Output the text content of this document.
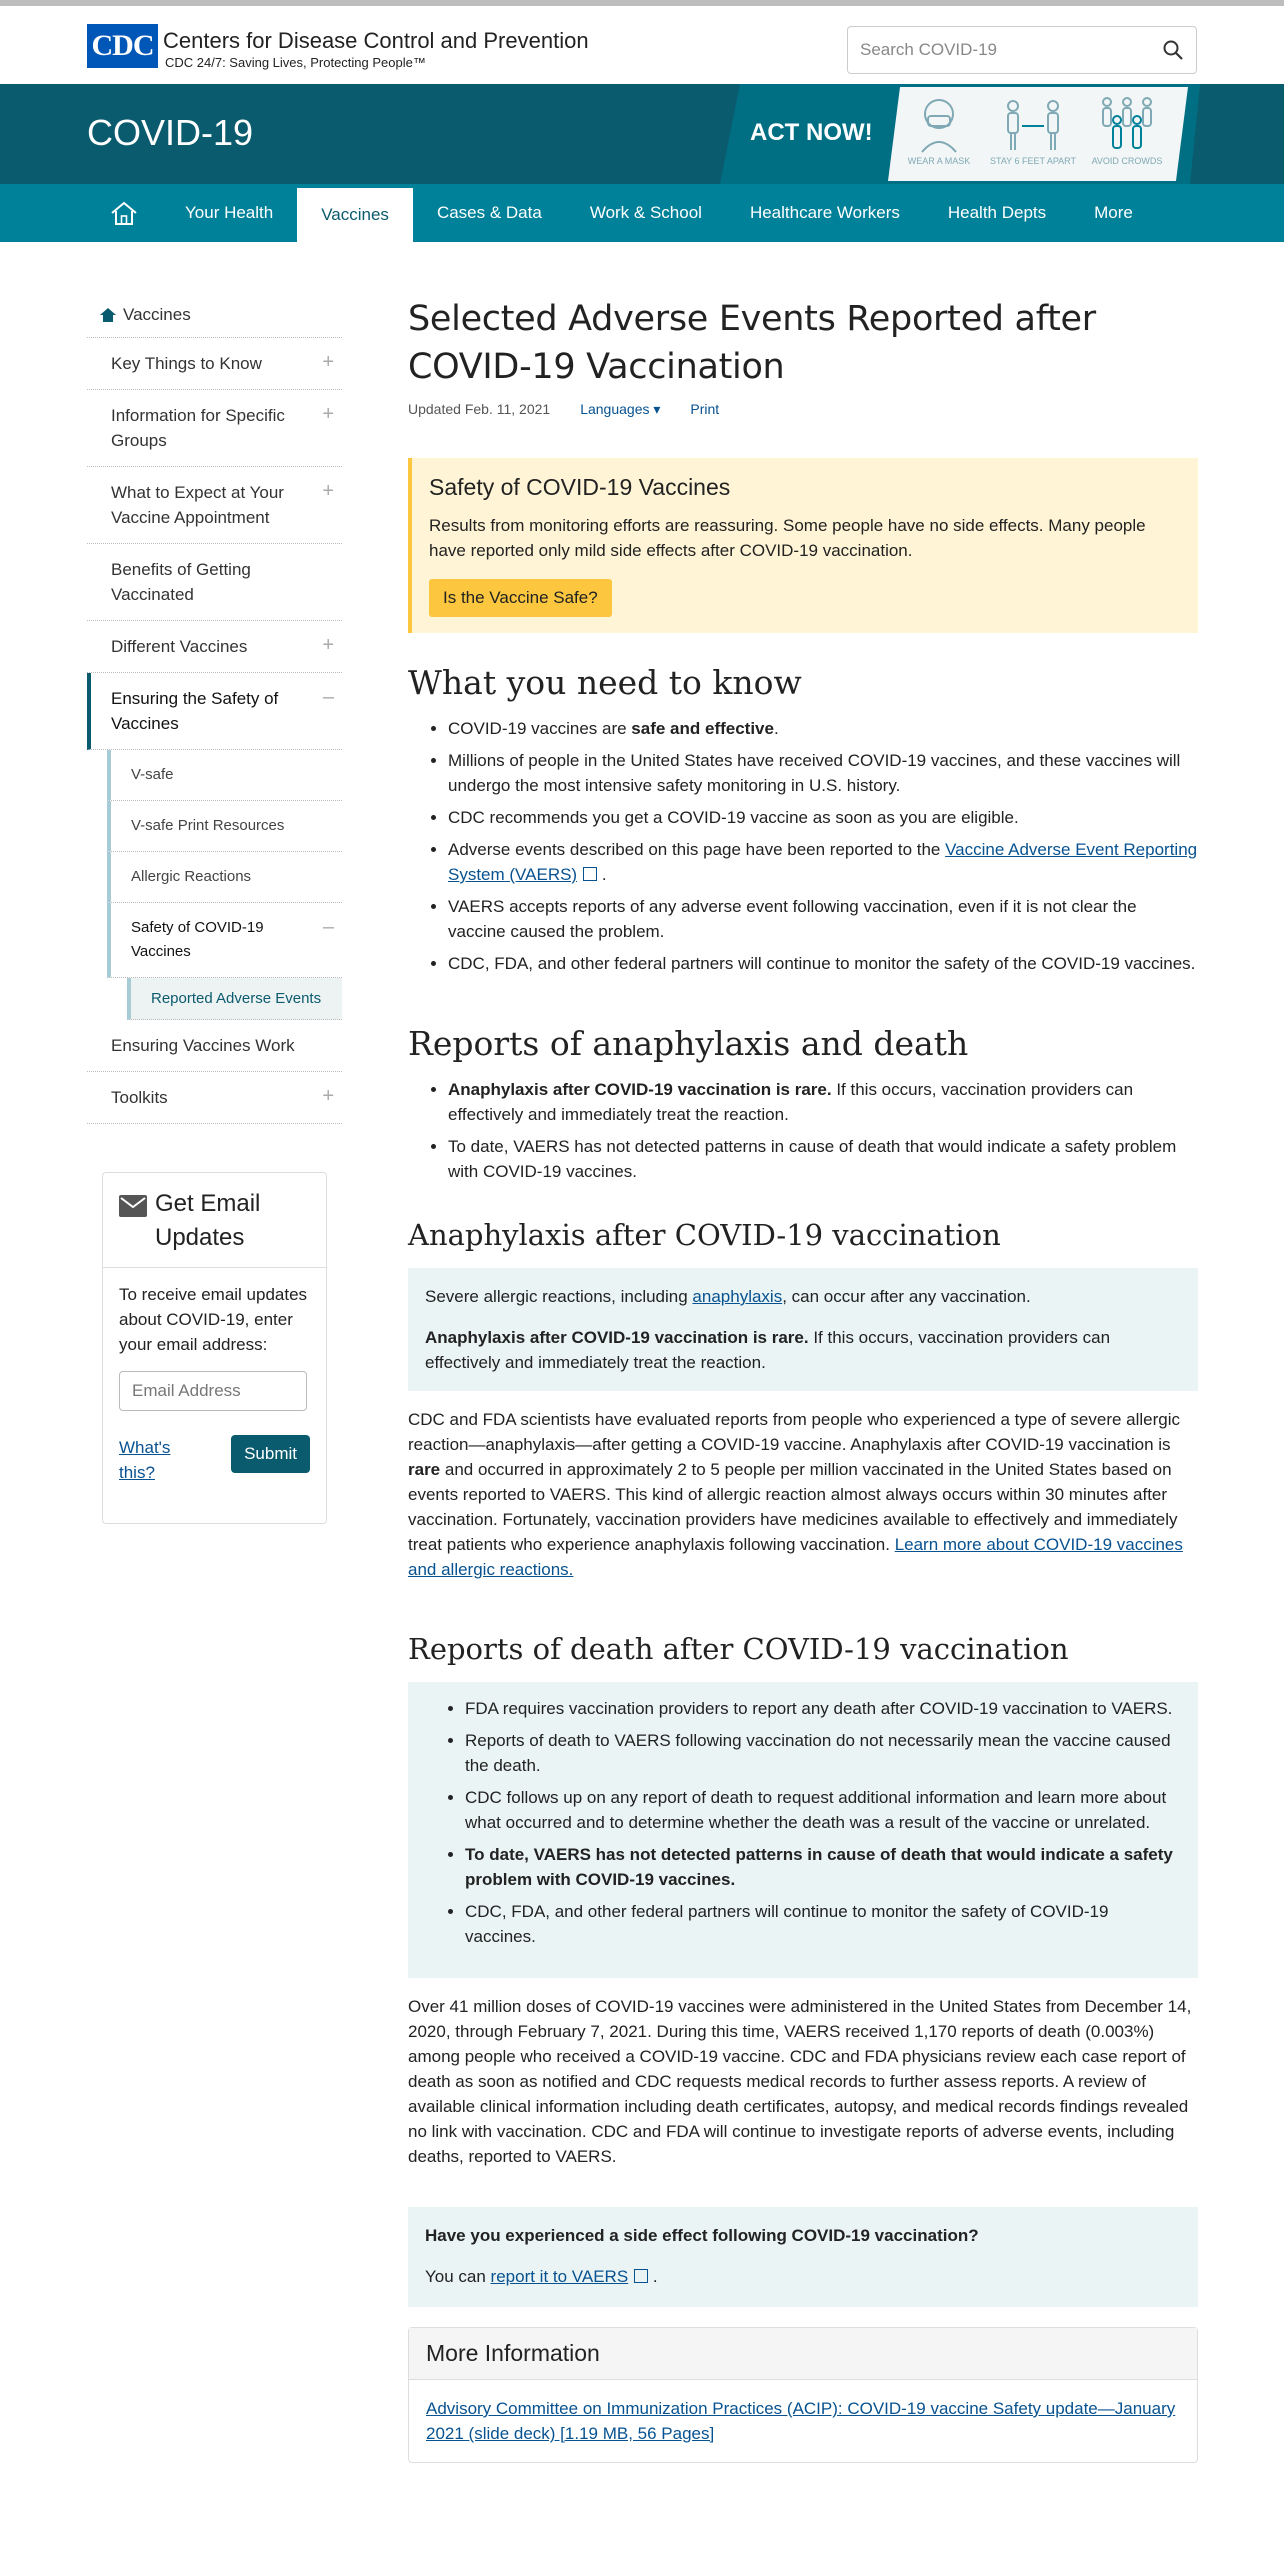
CDC Centers for Disease Control and Prevention
CDC 24/7: Saving Lives, Protecting People™
Search COVID-19
COVID-19	ACT NOW!
WEAR A MASK STAY 6 FEET APART AVOID CROWDS
Your Health	Vaccines	Cases & Data	Work & School	Healthcare Workers	Health Depts	More
Vaccines
Key Things to Know	+
Information for Specific Groups
+
What to Expect at Your Vaccine Appointment
+
Benefits of Getting Vaccinated
Different Vaccines	+
Ensuring the Safety of Vaccines
–
V-safe
V-safe Print Resources
Allergic Reactions
Safety of COVID-19 Vaccines
–
Reported Adverse Events
Ensuring Vaccines Work
Toolkits	+
Get Email Updates
To receive email updates about COVID-19, enter your email address:
Email Address
What's this?
Submit
Selected Adverse Events Reported after COVID-19 Vaccination
Updated Feb. 11, 2021 Languages ▾ Print
Safety of COVID-19 Vaccines

Results from monitoring efforts are reassuring. Some people have no side effects. Many people have reported only mild side effects after COVID-19 vaccination.

Is the Vaccine Safe?
What you need to know
• COVID-19 vaccines are safe and effective.
• Millions of people in the United States have received COVID-19 vaccines, and these vaccines will undergo the most intensive safety monitoring in U.S. history.
• CDC recommends you get a COVID-19 vaccine as soon as you are eligible.
• Adverse events described on this page have been reported to the Vaccine Adverse Event Reporting System (VAERS) .
• VAERS accepts reports of any adverse event following vaccination, even if it is not clear the vaccine caused the problem.
• CDC, FDA, and other federal partners will continue to monitor the safety of the COVID-19 vaccines.
Reports of anaphylaxis and death
• Anaphylaxis after COVID-19 vaccination is rare. If this occurs, vaccination providers can effectively and immediately treat the reaction.
• To date, VAERS has not detected patterns in cause of death that would indicate a safety problem with COVID-19 vaccines.
Anaphylaxis after COVID-19 vaccination

Severe allergic reactions, including anaphylaxis, can occur after any vaccination.

Anaphylaxis after COVID-19 vaccination is rare. If this occurs, vaccination providers can effectively and immediately treat the reaction.

CDC and FDA scientists have evaluated reports from people who experienced a type of severe allergic reaction—anaphylaxis—after getting a COVID-19 vaccine. Anaphylaxis after COVID-19 vaccination is rare and occurred in approximately 2 to 5 people per million vaccinated in the United States based on events reported to VAERS. This kind of allergic reaction almost always occurs within 30 minutes after vaccination. Fortunately, vaccination providers have medicines available to effectively and immediately treat patients who experience anaphylaxis following vaccination. Learn more about COVID-19 vaccines and allergic reactions.

Reports of death after COVID-19 vaccination
• FDA requires vaccination providers to report any death after COVID-19 vaccination to VAERS.
• Reports of death to VAERS following vaccination do not necessarily mean the vaccine caused the death.
• CDC follows up on any report of death to request additional information and learn more about what occurred and to determine whether the death was a result of the vaccine or unrelated.
• To date, VAERS has not detected patterns in cause of death that would indicate a safety problem with COVID-19 vaccines.
• CDC, FDA, and other federal partners will continue to monitor the safety of COVID-19 vaccines.

Over 41 million doses of COVID-19 vaccines were administered in the United States from December 14, 2020, through February 7, 2021. During this time, VAERS received 1,170 reports of death (0.003%) among people who received a COVID-19 vaccine. CDC and FDA physicians review each case report of death as soon as notified and CDC requests medical records to further assess reports. A review of available clinical information including death certificates, autopsy, and medical records findings revealed no link with vaccination. CDC and FDA will continue to investigate reports of adverse events, including deaths, reported to VAERS.

Have you experienced a side effect following COVID-19 vaccination?

You can report it to VAERS .

More Information
Advisory Committee on Immunization Practices (ACIP): COVID-19 vaccine Safety update—January 2021 (slide deck) [1.19 MB, 56 Pages]
